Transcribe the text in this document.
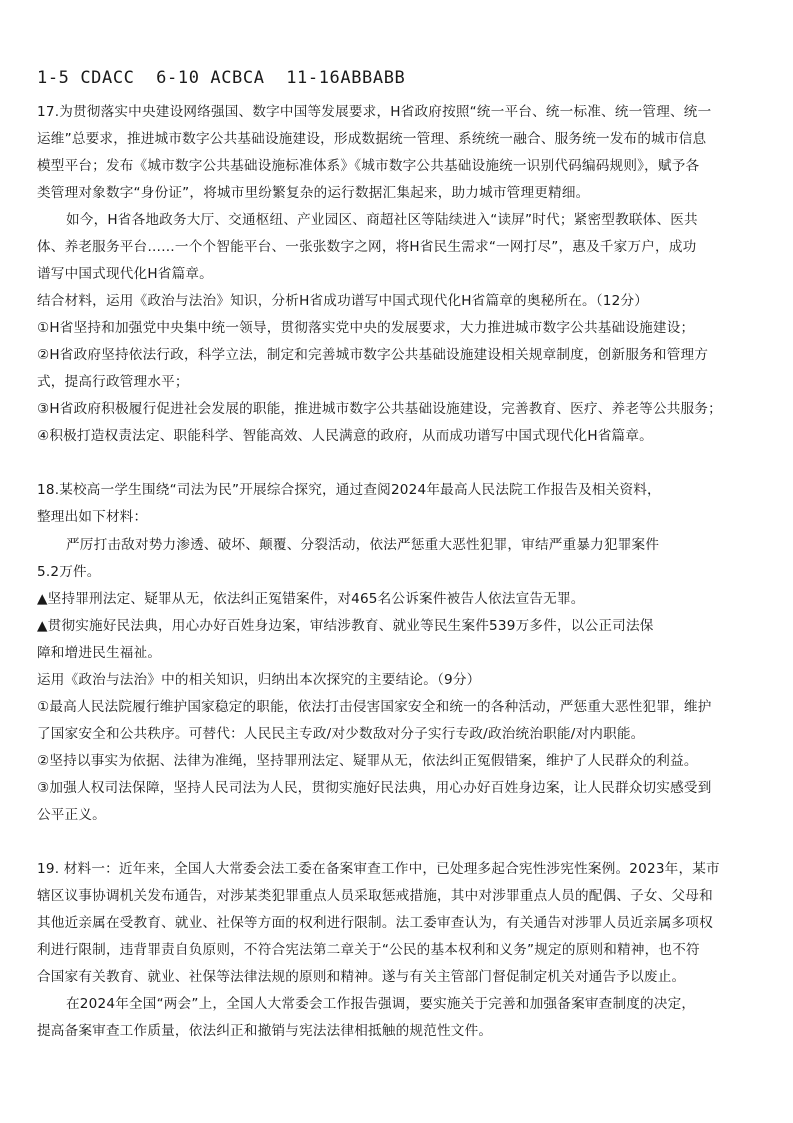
1-5 CDACC  6-10 ACBCA  11-16ABBABB
17.为贯彻落实中央建设网络强国、数字中国等发展要求，H省政府按照“统一平台、统一标准、统一管理、统一
运维”总要求，推进城市数字公共基础设施建设，形成数据统一管理、系统统一融合、服务统一发布的城市信息
模型平台；发布《城市数字公共基础设施标准体系》《城市数字公共基础设施统一识别代码编码规则》，赋予各
类管理对象数字“身份证”，将城市里纷繁复杂的运行数据汇集起来，助力城市管理更精细。
如今，H省各地政务大厅、交通枢纽、产业园区、商超社区等陆续进入“读屏”时代；紧密型教联体、医共
体、养老服务平台……一个个智能平台、一张张数字之网，将H省民生需求“一网打尽”，惠及千家万户，成功
谱写中国式现代化H省篇章。
结合材料，运用《政治与法治》知识，分析H省成功谱写中国式现代化H省篇章的奥秘所在。（12分）
①H省坚持和加强党中央集中统一领导，贯彻落实党中央的发展要求，大力推进城市数字公共基础设施建设；
②H省政府坚持依法行政，科学立法，制定和完善城市数字公共基础设施建设相关规章制度，创新服务和管理方
式，提高行政管理水平；
③H省政府积极履行促进社会发展的职能，推进城市数字公共基础设施建设，完善教育、医疗、养老等公共服务；
④积极打造权责法定、职能科学、智能高效、人民满意的政府，从而成功谱写中国式现代化H省篇章。
18.某校高一学生围绕“司法为民”开展综合探究，通过查阅2024年最高人民法院工作报告及相关资料，
整理出如下材料：
严厉打击敌对势力渗透、破坏、颠覆、分裂活动，依法严惩重大恶性犯罪，审结严重暴力犯罪案件
5.2万件。
▲坚持罪刑法定、疑罪从无，依法纠正冤错案件，对465名公诉案件被告人依法宣告无罪。
▲贯彻实施好民法典，用心办好百姓身边案，审结涉教育、就业等民生案件539万多件，以公正司法保
障和增进民生福祉。
运用《政治与法治》中的相关知识，归纳出本次探究的主要结论。（9分）
①最高人民法院履行维护国家稳定的职能，依法打击侵害国家安全和统一的各种活动，严惩重大恶性犯罪，维护
了国家安全和公共秩序。可替代：人民民主专政/对少数敌对分子实行专政/政治统治职能/对内职能。
②坚持以事实为依据、法律为准绳，坚持罪刑法定、疑罪从无，依法纠正冤假错案，维护了人民群众的利益。
③加强人权司法保障，坚持人民司法为人民，贯彻实施好民法典，用心办好百姓身边案，让人民群众切实感受到
公平正义。
19. 材料一：近年来，全国人大常委会法工委在备案审查工作中，已处理多起合宪性涉宪性案例。2023年，某市
辖区议事协调机关发布通告，对涉某类犯罪重点人员采取惩戒措施，其中对涉罪重点人员的配偶、子女、父母和
其他近亲属在受教育、就业、社保等方面的权利进行限制。法工委审查认为，有关通告对涉罪人员近亲属多项权
利进行限制，违背罪责自负原则，不符合宪法第二章关于“公民的基本权利和义务”规定的原则和精神，也不符
合国家有关教育、就业、社保等法律法规的原则和精神。遂与有关主管部门督促制定机关对通告予以废止。
在2024年全国“两会”上，全国人大常委会工作报告强调，要实施关于完善和加强备案审查制度的决定，
提高备案审查工作质量，依法纠正和撤销与宪法法律相抵触的规范性文件。
